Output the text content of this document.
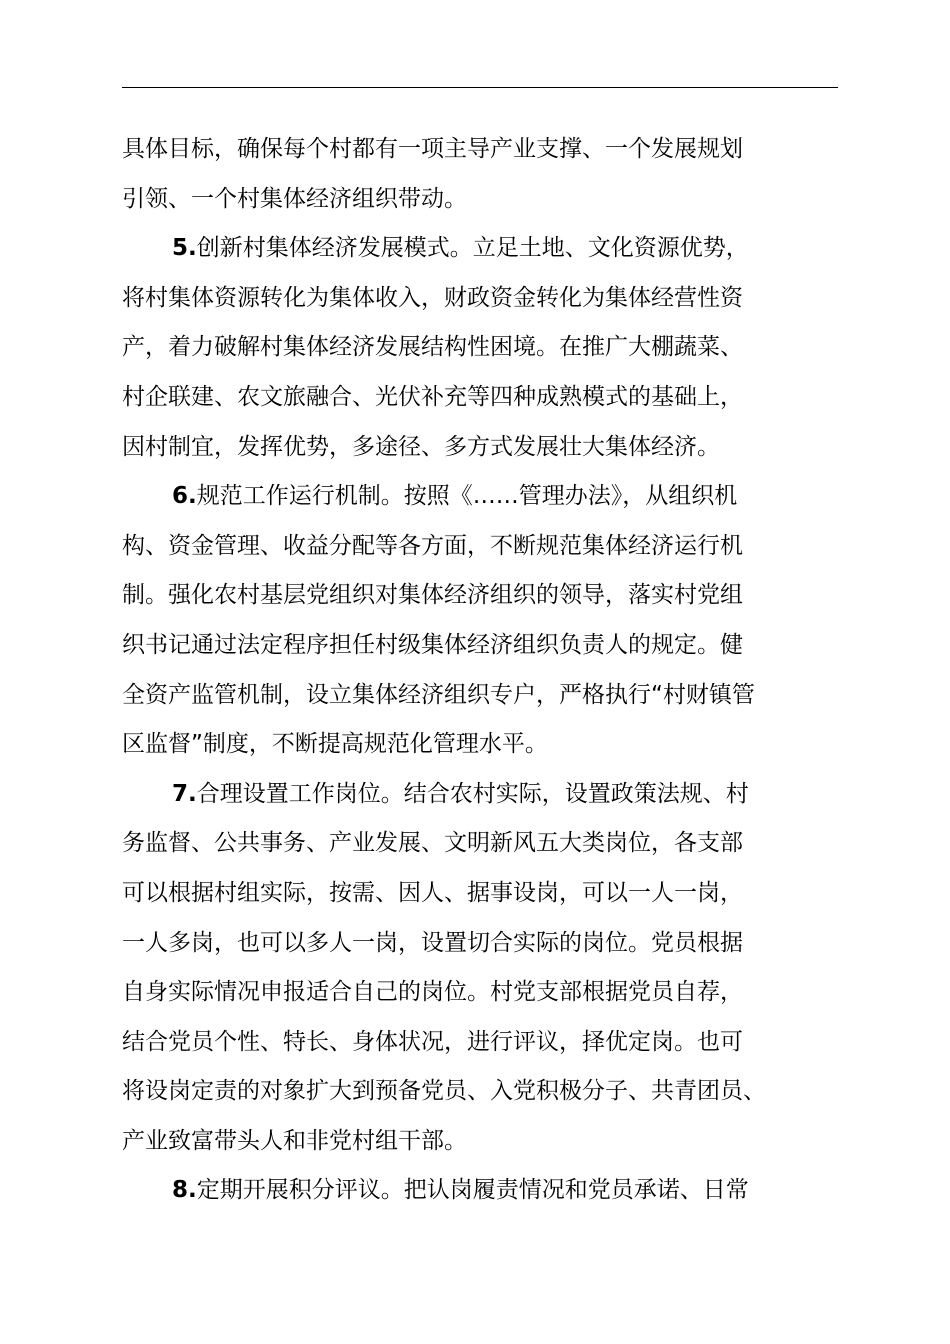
具体目标，确保每个村都有一项主导产业支撑、一个发展规划
引领、一个村集体经济组织带动。
5.创新村集体经济发展模式。立足土地、文化资源优势，
将村集体资源转化为集体收入，财政资金转化为集体经营性资
产，着力破解村集体经济发展结构性困境。在推广大棚蔬菜、
村企联建、农文旅融合、光伏补充等四种成熟模式的基础上，
因村制宜，发挥优势，多途径、多方式发展壮大集体经济。
6.规范工作运行机制。按照《……管理办法》，从组织机
构、资金管理、收益分配等各方面，不断规范集体经济运行机
制。强化农村基层党组织对集体经济组织的领导，落实村党组
织书记通过法定程序担任村级集体经济组织负责人的规定。健
全资产监管机制，设立集体经济组织专户，严格执行“村财镇管
区监督”制度，不断提高规范化管理水平。
7.合理设置工作岗位。结合农村实际，设置政策法规、村
务监督、公共事务、产业发展、文明新风五大类岗位，各支部
可以根据村组实际，按需、因人、据事设岗，可以一人一岗，
一人多岗，也可以多人一岗，设置切合实际的岗位。党员根据
自身实际情况申报适合自己的岗位。村党支部根据党员自荐，
结合党员个性、特长、身体状况，进行评议，择优定岗。也可
将设岗定责的对象扩大到预备党员、入党积极分子、共青团员、
产业致富带头人和非党村组干部。
8.定期开展积分评议。把认岗履责情况和党员承诺、日常
